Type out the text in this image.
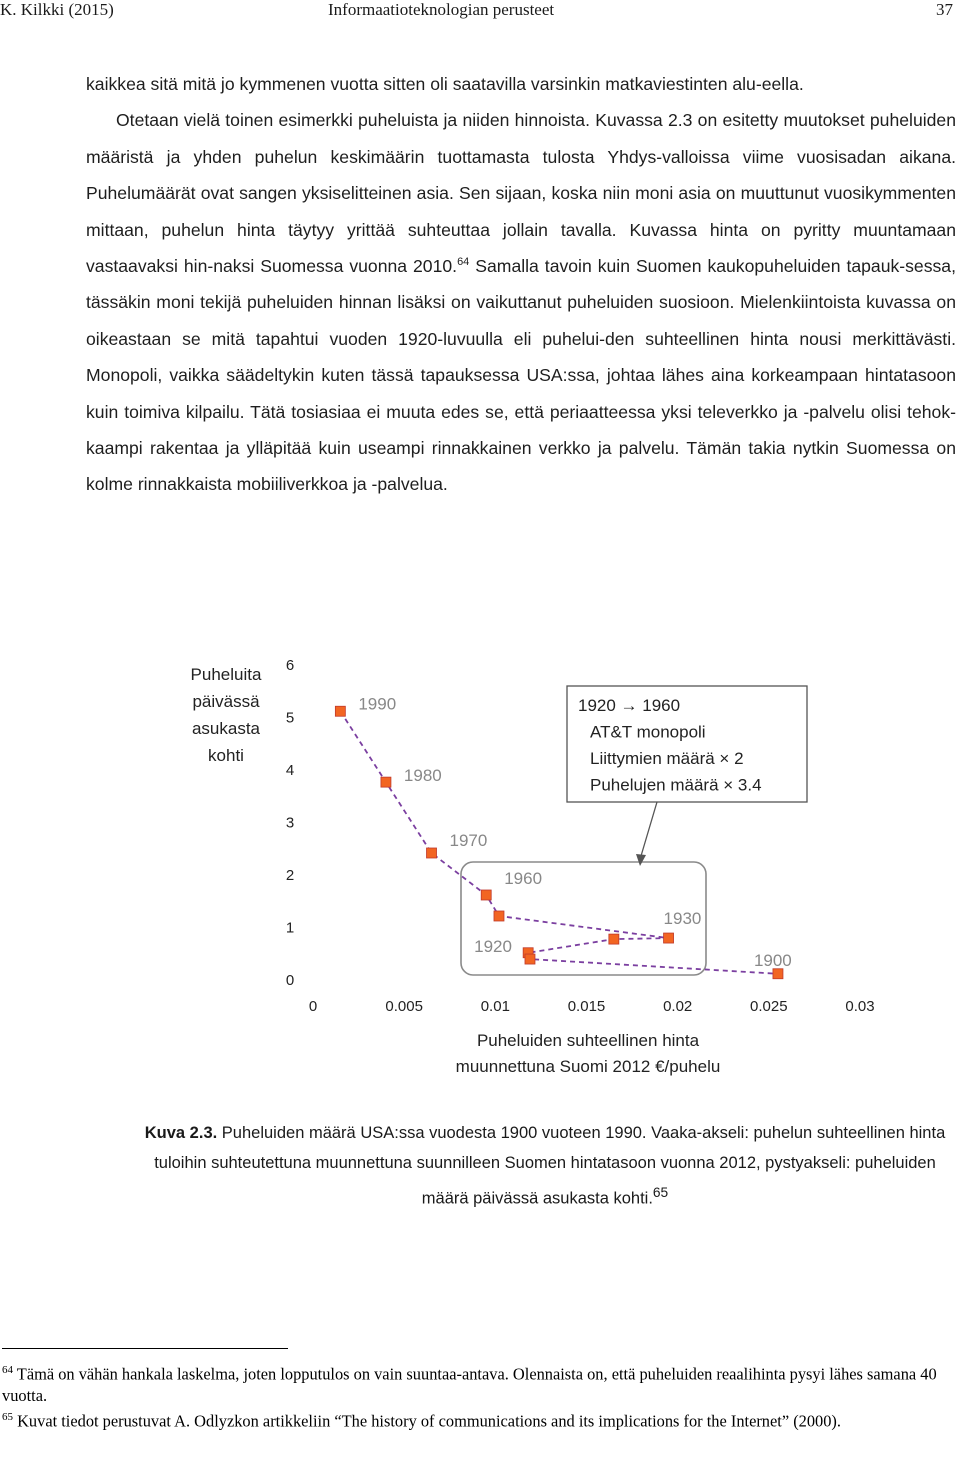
K. Kilkki (2015)	Informaatioteknologian perusteet	37

kaikkea sitä mitä jo kymmenen vuotta sitten oli saatavilla varsinkin matkaviestinten alu-eella.

Otetaan vielä toinen esimerkki puheluista ja niiden hinnoista. Kuvassa 2.3 on esitetty muutokset puheluiden määristä ja yhden puhelun keskimäärin tuottamasta tulosta Yhdys-valloissa viime vuosisadan aikana. Puhelumäärät ovat sangen yksiselitteinen asia. Sen sijaan, koska niin moni asia on muuttunut vuosikymmenten mittaan, puhelun hinta täytyy yrittää suhteuttaa jollain tavalla. Kuvassa hinta on pyritty muuntamaan vastaavaksi hin-naksi Suomessa vuonna 2010.64 Samalla tavoin kuin Suomen kaukopuheluiden tapauk-sessa, tässäkin moni tekijä puheluiden hinnan lisäksi on vaikuttanut puheluiden suosioon. Mielenkiintoista kuvassa on oikeastaan se mitä tapahtui vuoden 1920-luvuulla eli puhelui-den suhteellinen hinta nousi merkittävästi. Monopoli, vaikka säädeltykin kuten tässä tapauksessa USA:ssa, johtaa lähes aina korkeampaan hintatasoon kuin toimiva kilpailu. Tätä tosiasiaa ei muuta edes se, että periaatteessa yksi televerkko ja -palvelu olisi tehok-kaampi rakentaa ja ylläpitää kuin useampi rinnakkainen verkko ja palvelu. Tämän takia nytkin Suomessa on kolme rinnakkaista mobiiliverkkoa ja -palvelua.

0
1
2
3
4
5
6
0	0.005	0.01	0.015	0.02	0.025	0.03
Puheluita
päivässä
asukasta
kohti
Puheluiden suhteellinen hinta
muunnettuna Suomi 2012 €/puhelu
1990
1980
1970
1960
1930
1920
1900
1920 → 1960
AT&T monopoli
Liittymien määrä × 2
Puhelujen määrä × 3.4
Kuva 2.3. Puheluiden määrä USA:ssa vuodesta 1900 vuoteen 1990. Vaaka-akseli: puhelun suhteellinen hinta tuloihin suhteutettuna muunnettuna suunnilleen Suomen hintatasoon vuonna 2012, pystyakseli: puheluiden määrä päivässä asukasta kohti.$^{65}$

$^{64}$ Tämä on vähän hankala laskelma, joten lopputulos on vain suuntaa-antava. Olennaista on, että puheluiden reaalihinta pysyi lähes samana 40 vuotta.

$^{65}$ Kuvat tiedot perustuvat A. Odlyzkon artikkeliin “The history of communications and its implications for the Internet” (2000).
